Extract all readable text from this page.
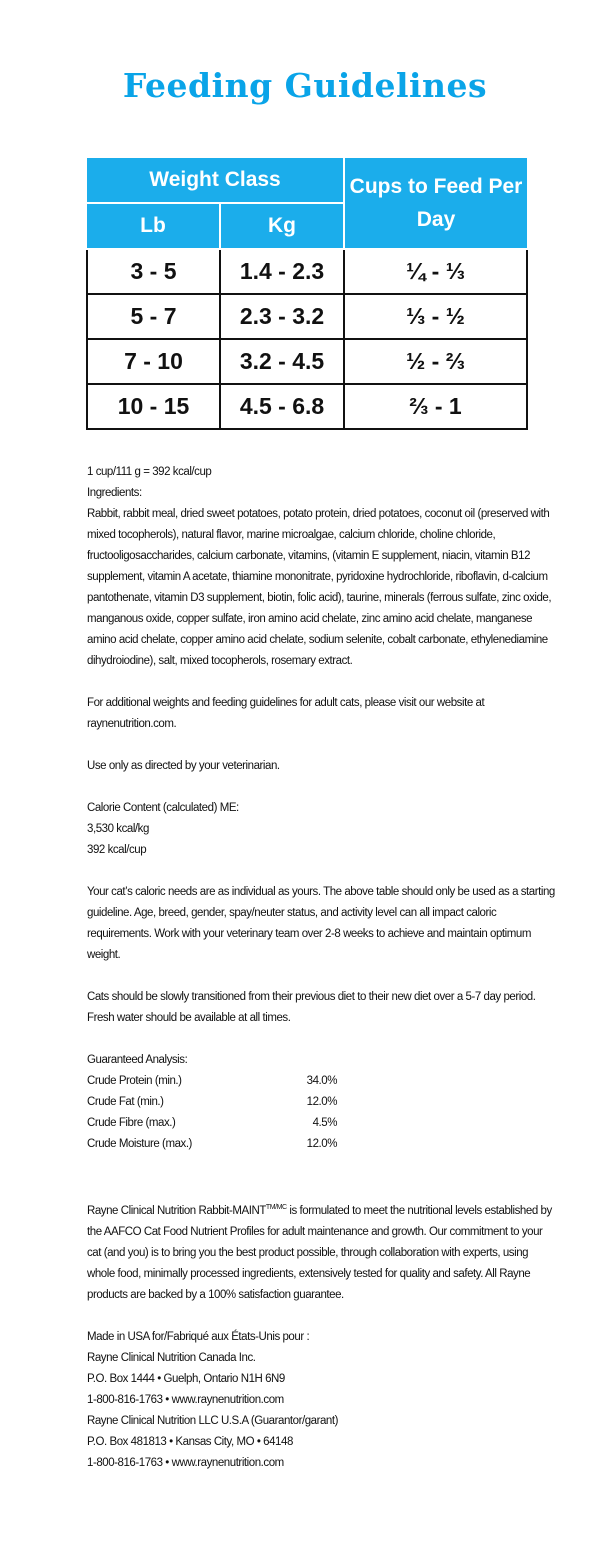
Feeding Guidelines
Weight Class		Cups to Feed Per Day
Lb	Kg	
3 - 5	1.4 - 2.3	¼ - ⅓
5 - 7	2.3 - 3.2	⅓ - ½
7 - 10	3.2 - 4.5	½ - ⅔
10 - 15	4.5 - 6.8	⅔ - 1

1 cup/111 g = 392 kcal/cup

Ingredients:

Rabbit, rabbit meal, dried sweet potatoes, potato protein, dried potatoes, coconut oil (preserved with mixed tocopherols), natural flavor, marine microalgae, calcium chloride, choline chloride, fructooligosaccharides, calcium carbonate, vitamins, (vitamin E supplement, niacin, vitamin B12 supplement, vitamin A acetate, thiamine mononitrate, pyridoxine hydrochloride, riboflavin, d-calcium pantothenate, vitamin D3 supplement, biotin, folic acid), taurine, minerals (ferrous sulfate, zinc oxide, manganous oxide, copper sulfate, iron amino acid chelate, zinc amino acid chelate, manganese amino acid chelate, copper amino acid chelate, sodium selenite, cobalt carbonate, ethylenediamine dihydroiodine), salt, mixed tocopherols, rosemary extract.

For additional weights and feeding guidelines for adult cats, please visit our website at raynenutrition.com.

Use only as directed by your veterinarian.

Calorie Content (calculated) ME:

3,530 kcal/kg

392 kcal/cup

Your cat’s caloric needs are as individual as yours. The above table should only be used as a starting guideline. Age, breed, gender, spay/neuter status, and activity level can all impact caloric requirements. Work with your veterinary team over 2-8 weeks to achieve and maintain optimum weight.

Cats should be slowly transitioned from their previous diet to their new diet over a 5-7 day period. Fresh water should be available at all times.

Guaranteed Analysis:

Crude Protein (min.)	34.0%
Crude Fat (min.)	12.0%
Crude Fibre (max.)	4.5%
Crude Moisture (max.)	12.0%

Rayne Clinical Nutrition Rabbit-$MAINT^{TM/MC}$ is formulated to meet the nutritional levels established by the AAFCO Cat Food Nutrient Profiles for adult maintenance and growth. Our commitment to your cat (and you) is to bring you the best product possible, through collaboration with experts, using whole food, minimally processed ingredients, extensively tested for quality and safety. All Rayne products are backed by a 100% satisfaction guarantee.

Made in USA for/Fabriqué aux États-Unis pour :

Rayne Clinical Nutrition Canada Inc.

P.O. Box 1444 • Guelph, Ontario N1H 6N9

1-800-816-1763 • www.raynenutrition.com

Rayne Clinical Nutrition LLC U.S.A (Guarantor/garant)

P.O. Box 481813 • Kansas City, MO • 64148

1-800-816-1763 • www.raynenutrition.com
